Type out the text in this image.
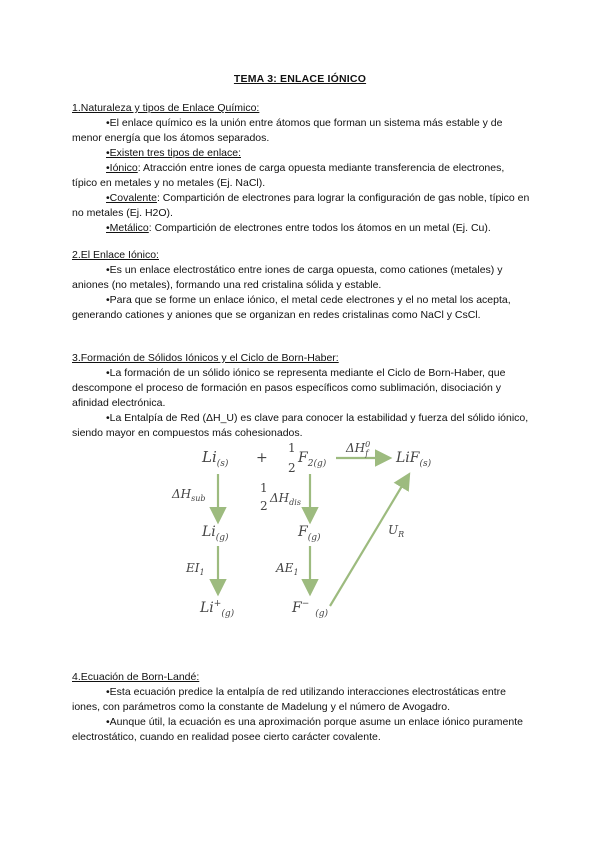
TEMA 3: ENLACE IÓNICO

1.Naturaleza y tipos de Enlace Químico:

•El enlace químico es la unión entre átomos que forman un sistema más estable y de menor energía que los átomos separados.

•Existen tres tipos de enlace:

•Iónico: Atracción entre iones de carga opuesta mediante transferencia de electrones, típico en metales y no metales (Ej. NaCl).

•Covalente: Compartición de electrones para lograr la configuración de gas noble, típico en no metales (Ej. H2O).

•Metálico: Compartición de electrones entre todos los átomos en un metal (Ej. Cu).

2.El Enlace Iónico:

•Es un enlace electrostático entre iones de carga opuesta, como cationes (metales) y aniones (no metales), formando una red cristalina sólida y estable.

•Para que se forme un enlace iónico, el metal cede electrones y el no metal los acepta, generando cationes y aniones que se organizan en redes cristalinas como NaCl y CsCl.

3.Formación de Sólidos Iónicos y el Ciclo de Born-Haber:

•La formación de un sólido iónico se representa mediante el Ciclo de Born-Haber, que descompone el proceso de formación en pasos específicos como sublimación, disociación y afinidad electrónica.

•La Entalpía de Red (ΔH_U) es clave para conocer la estabilidad y fuerza del sólido iónico, siendo mayor en compuestos más cohesionados.

$Li_{(s)}$ +
1
2
$F_{2(g)}$
$\Delta H^0$ f LiF$_{(s)}$
$\Delta H_{sub}$
$Li_{(g)}$
$EI_1$
$Li^+_{(g)}$
1
2
$\Delta H_{dis}$
$F_{(g)}$
$AE_1$
$F^-_{(g)}$
$U_R$

4.Ecuación de Born-Landé:

•Esta ecuación predice la entalpía de red utilizando interacciones electrostáticas entre iones, con parámetros como la constante de Madelung y el número de Avogadro.

•Aunque útil, la ecuación es una aproximación porque asume un enlace iónico puramente electrostático, cuando en realidad posee cierto carácter covalente.
